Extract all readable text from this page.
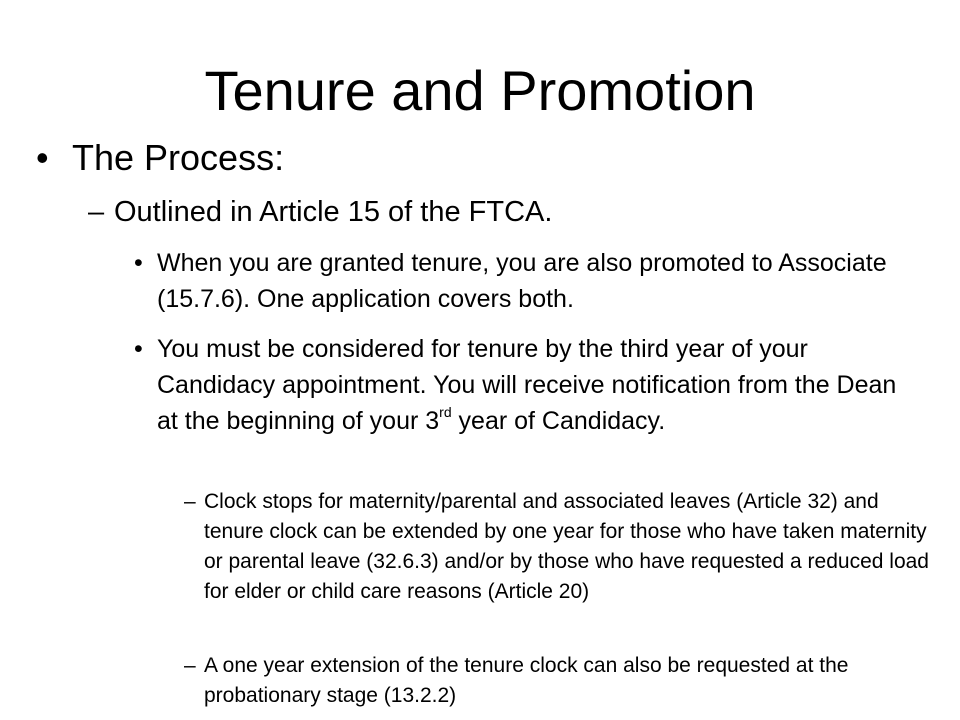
Tenure and Promotion
• The Process:

– Outlined in Article 15 of the FTCA.

• When you are granted tenure, you are also promoted to Associate (15.7.6). One application covers both.

• You must be considered for tenure by the third year of your Candidacy appointment. You will receive notification from the Dean at the beginning of your 3rd year of Candidacy.

– Clock stops for maternity/parental and associated leaves (Article 32) and tenure clock can be extended by one year for those who have taken maternity or parental leave (32.6.3) and/or by those who have requested a reduced load for elder or child care reasons (Article 20)

– A one year extension of the tenure clock can also be requested at the probationary stage (13.2.2)
